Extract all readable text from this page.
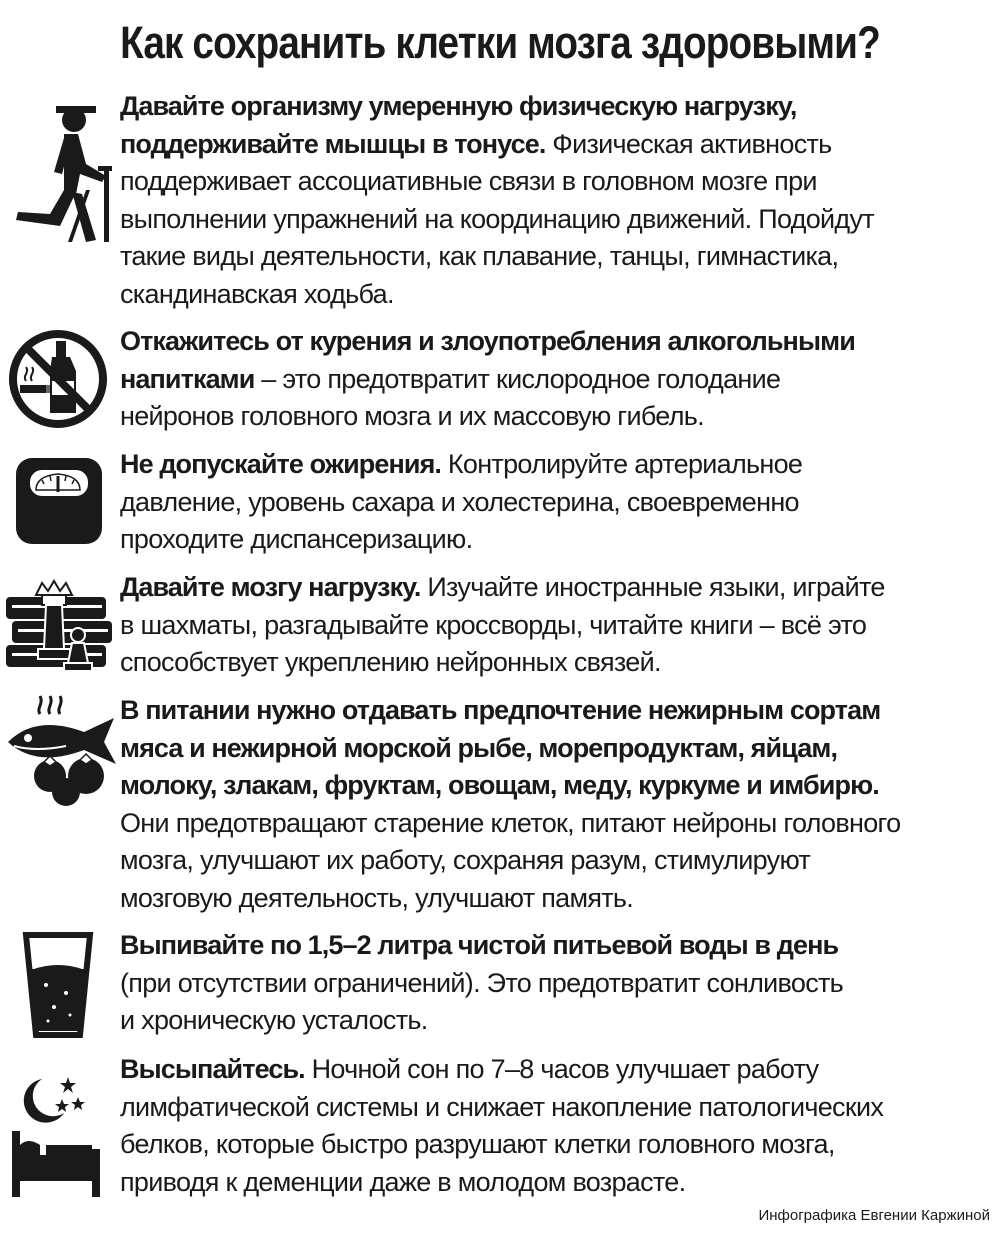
Как сохранить клетки мозга здоровыми?
Давайте организму умеренную физическую нагрузку,
поддерживайте мышцы в тонусе. Физическая активность
поддерживает ассоциативные связи в головном мозге при
выполнении упражнений на координацию движений. Подойдут
такие виды деятельности, как плавание, танцы, гимнастика,
скандинавская ходьба.
Откажитесь от курения и злоупотребления алкогольными
напитками – это предотвратит кислородное голодание
нейронов головного мозга и их массовую гибель.
Не допускайте ожирения. Контролируйте артериальное
давление, уровень сахара и холестерина, своевременно
проходите диспансеризацию.
Давайте мозгу нагрузку. Изучайте иностранные языки, играйте
в шахматы, разгадывайте кроссворды, читайте книги – всё это
способствует укреплению нейронных связей.
В питании нужно отдавать предпочтение нежирным сортам
мяса и нежирной морской рыбе, морепродуктам, яйцам,
молоку, злакам, фруктам, овощам, меду, куркуме и имбирю.
Они предотвращают старение клеток, питают нейроны головного
мозга, улучшают их работу, сохраняя разум, стимулируют
мозговую деятельность, улучшают память.
Выпивайте по 1,5–2 литра чистой питьевой воды в день
(при отсутствии ограничений). Это предотвратит сонливость
и хроническую усталость.
Высыпайтесь. Ночной сон по 7–8 часов улучшает работу
лимфатической системы и снижает накопление патологических
белков, которые быстро разрушают клетки головного мозга,
приводя к деменции даже в молодом возрасте.
Инфографика Евгении Каржиной
